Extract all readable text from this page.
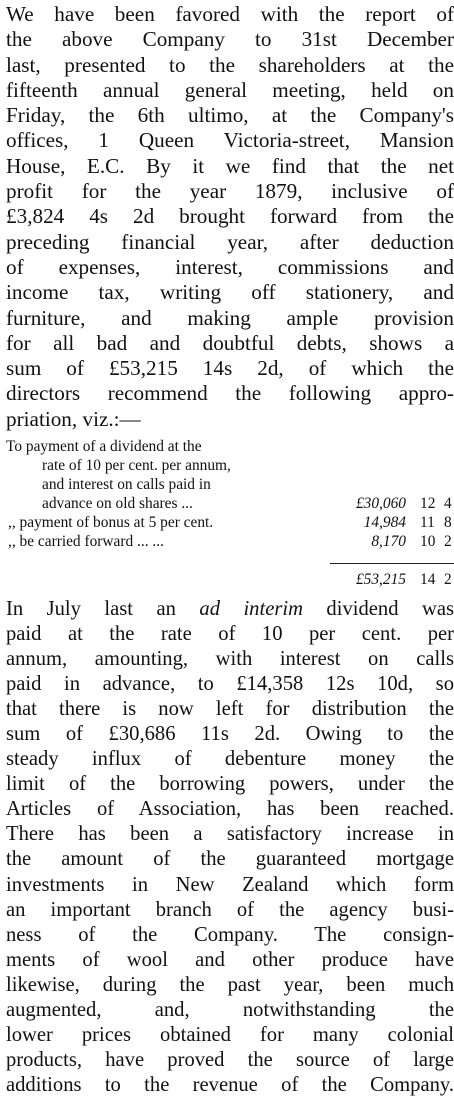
We have been favored with the report of
the above Company to 31st December
last, presented to the shareholders at the
fifteenth annual general meeting, held on
Friday, the 6th ultimo, at the Company's
offices, 1 Queen Victoria-street, Mansion
House, E.C. By it we find that the net
profit for the year 1879, inclusive of
£3,824 4s 2d brought forward from the
preceding financial year, after deduction
of expenses, interest, commissions and
income tax, writing off stationery, and
furniture, and making ample provision
for all bad and doubtful debts, shows a
sum of £53,215 14s 2d, of which the
directors recommend the following appro-
priation, viz.:—
To payment of a dividend at the
rate of 10 per cent. per annum,
and interest on calls paid in
advance on old shares ...	£30,060 12 4
,, payment of bonus at 5 per cent.	14,984 11 8
,, be carried forward ... ...	8,170 10 2
£53,215 14 2
In July last an ad interim dividend was
paid at the rate of 10 per cent. per
annum, amounting, with interest on calls
paid in advance, to £14,358 12s 10d, so
that there is now left for distribution the
sum of £30,686 11s 2d. Owing to the
steady influx of debenture money the
limit of the borrowing powers, under the
Articles of Association, has been reached.
There has been a satisfactory increase in
the amount of the guaranteed mortgage
investments in New Zealand which form
an important branch of the agency busi-
ness of the Company. The consign-
ments of wool and other produce have
likewise, during the past year, been much
augmented, and, notwithstanding the
lower prices obtained for many colonial
products, have proved the source of large
additions to the revenue of the Company.
